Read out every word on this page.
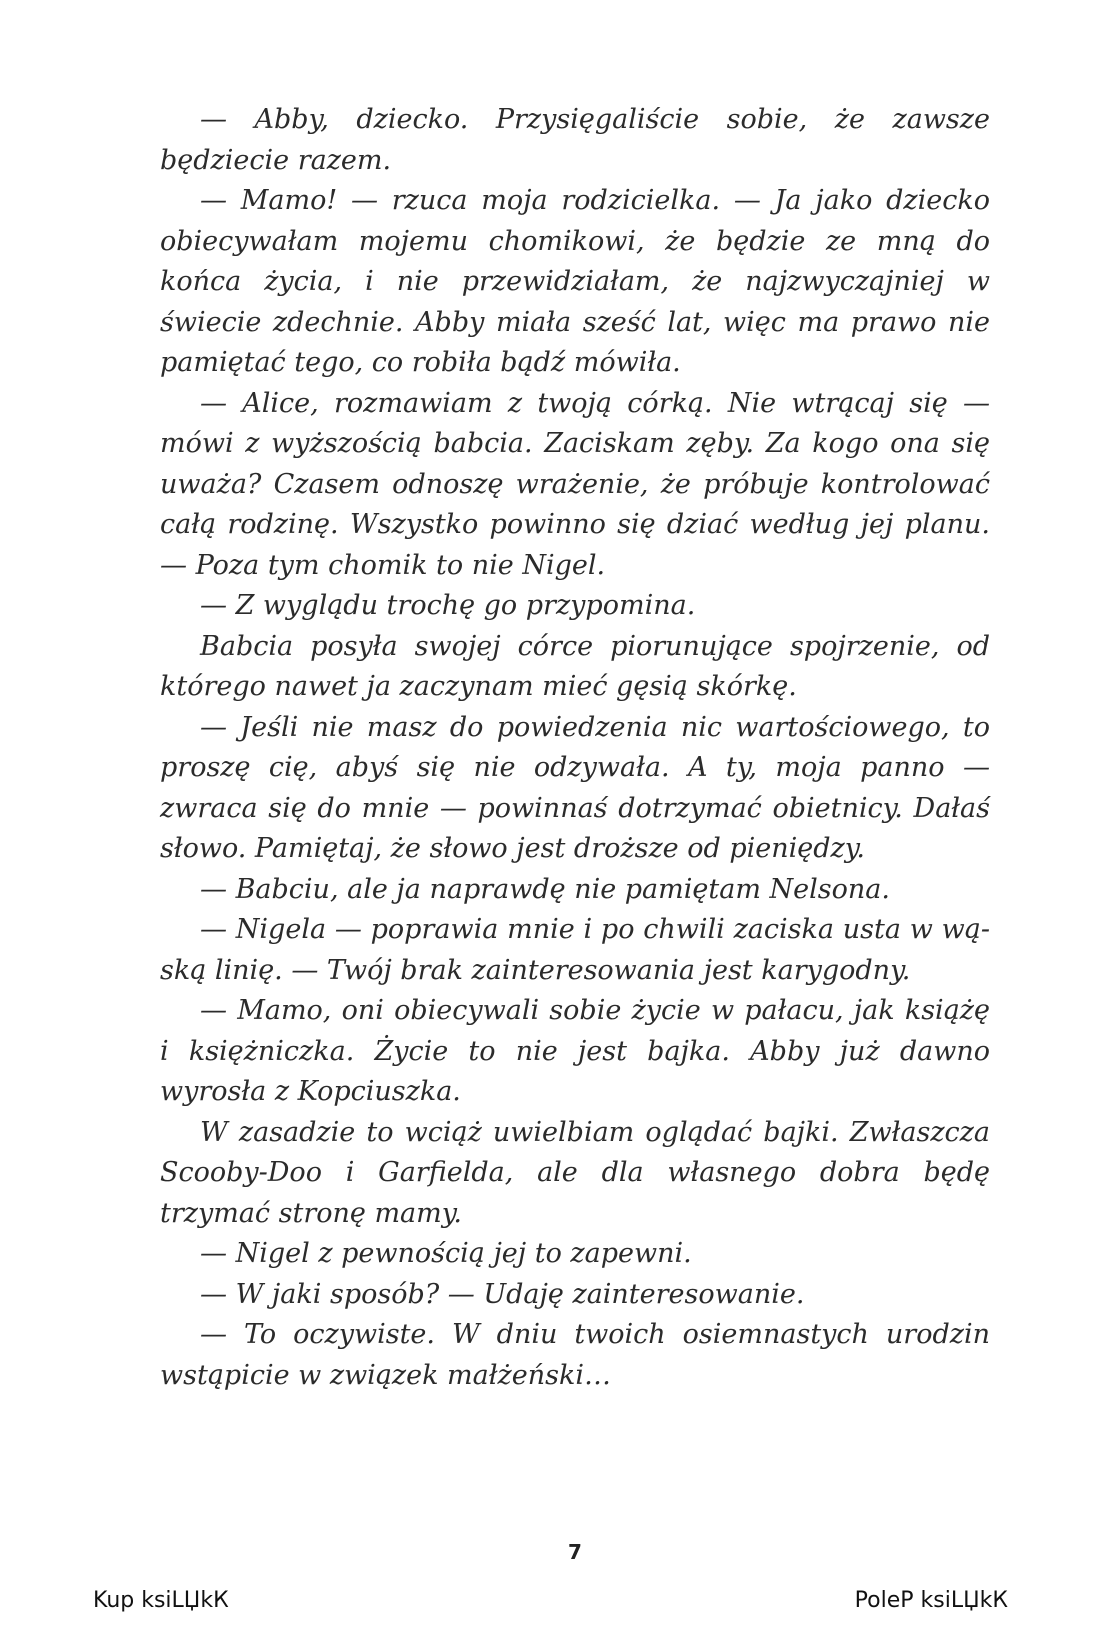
— Abby, dziecko. Przysięgaliście sobie, że zawsze będziecie razem.

— Mamo! — rzuca moja rodzicielka. — Ja jako dziecko obiecywałam mojemu chomikowi, że będzie ze mną do końca życia, i nie przewidziałam, że najzwyczajniej w świecie zdechnie. Abby miała sześć lat, więc ma prawo nie pamiętać tego, co robiła bądź mówiła.

— Alice, rozmawiam z twoją córką. Nie wtrącaj się — mówi z wyższością babcia. Zaciskam zęby. Za kogo ona się uważa? Czasem odnoszę wrażenie, że próbuje kontrolować całą rodzinę. Wszystko powinno się dziać według jej planu. — Poza tym chomik to nie Nigel.

— Z wyglądu trochę go przypomina.

Babcia posyła swojej córce piorunujące spojrzenie, od którego nawet ja zaczynam mieć gęsią skórkę.

— Jeśli nie masz do powiedzenia nic wartościowego, to proszę cię, abyś się nie odzywała. A ty, moja panno — zwraca się do mnie — powinnaś dotrzymać obietnicy. Dałaś słowo. Pamiętaj, że słowo jest droższe od pieniędzy.

— Babciu, ale ja naprawdę nie pamiętam Nelsona.

— Nigela — poprawia mnie i po chwili zaciska usta w wąską linię. — Twój brak zainteresowania jest karygodny.

— Mamo, oni obiecywali sobie życie w pałacu, jak książę i księżniczka. Życie to nie jest bajka. Abby już dawno wyrosła z Kopciuszka.

W zasadzie to wciąż uwielbiam oglądać bajki. Zwłaszcza Scooby-Doo i Garfielda, ale dla własnego dobra będę trzymać stronę mamy.

— Nigel z pewnością jej to zapewni.

— W jaki sposób? — Udaję zainteresowanie.

— To oczywiste. W dniu twoich osiemnastych urodzin wstąpicie w związek małżeński…

7
Kup ksiLЏkК	PoleP ksiLЏkК
